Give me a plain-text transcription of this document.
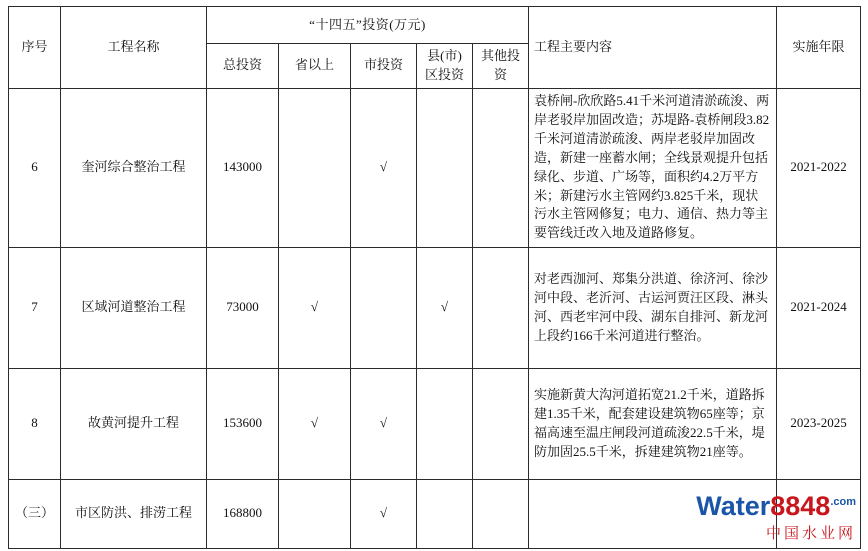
序号	工程名称	“十四五”投资(万元)					工程主要内容	实施年限
		总投资	省以上	市投资	县(市)区投资	其他投资		
6	奎河综合整治工程	143000		√			袁桥闸-欣欣路5.41千米河道清淤疏浚、两岸老驳岸加固改造；苏堤路-袁桥闸段3.82千米河道清淤疏浚、两岸老驳岸加固改造，新建一座蓄水闸；全线景观提升包括绿化、步道、广场等，面积约4.2万平方米；新建污水主管网约3.825千米，现状污水主管网修复；电力、通信、热力等主要管线迁改入地及道路修复。	2021-2022
7	区域河道整治工程	73000	√		√		对老西泇河、郑集分洪道、徐济河、徐沙河中段、老沂河、古运河贾汪区段、淋头河、西老牢河中段、湖东自排河、新龙河上段约166千米河道进行整治。	2021-2024
8	故黄河提升工程	153600	√	√			实施新黄大沟河道拓宽21.2千米，道路拆建1.35千米，配套建设建筑物65座等；京福高速至温庄闸段河道疏浚22.5千米，堤防加固25.5千米，拆建建筑物21座等。	2023-2025
（三）	市区防洪、排涝工程	168800		√					$Water8848^{.com}$
中国水业网
